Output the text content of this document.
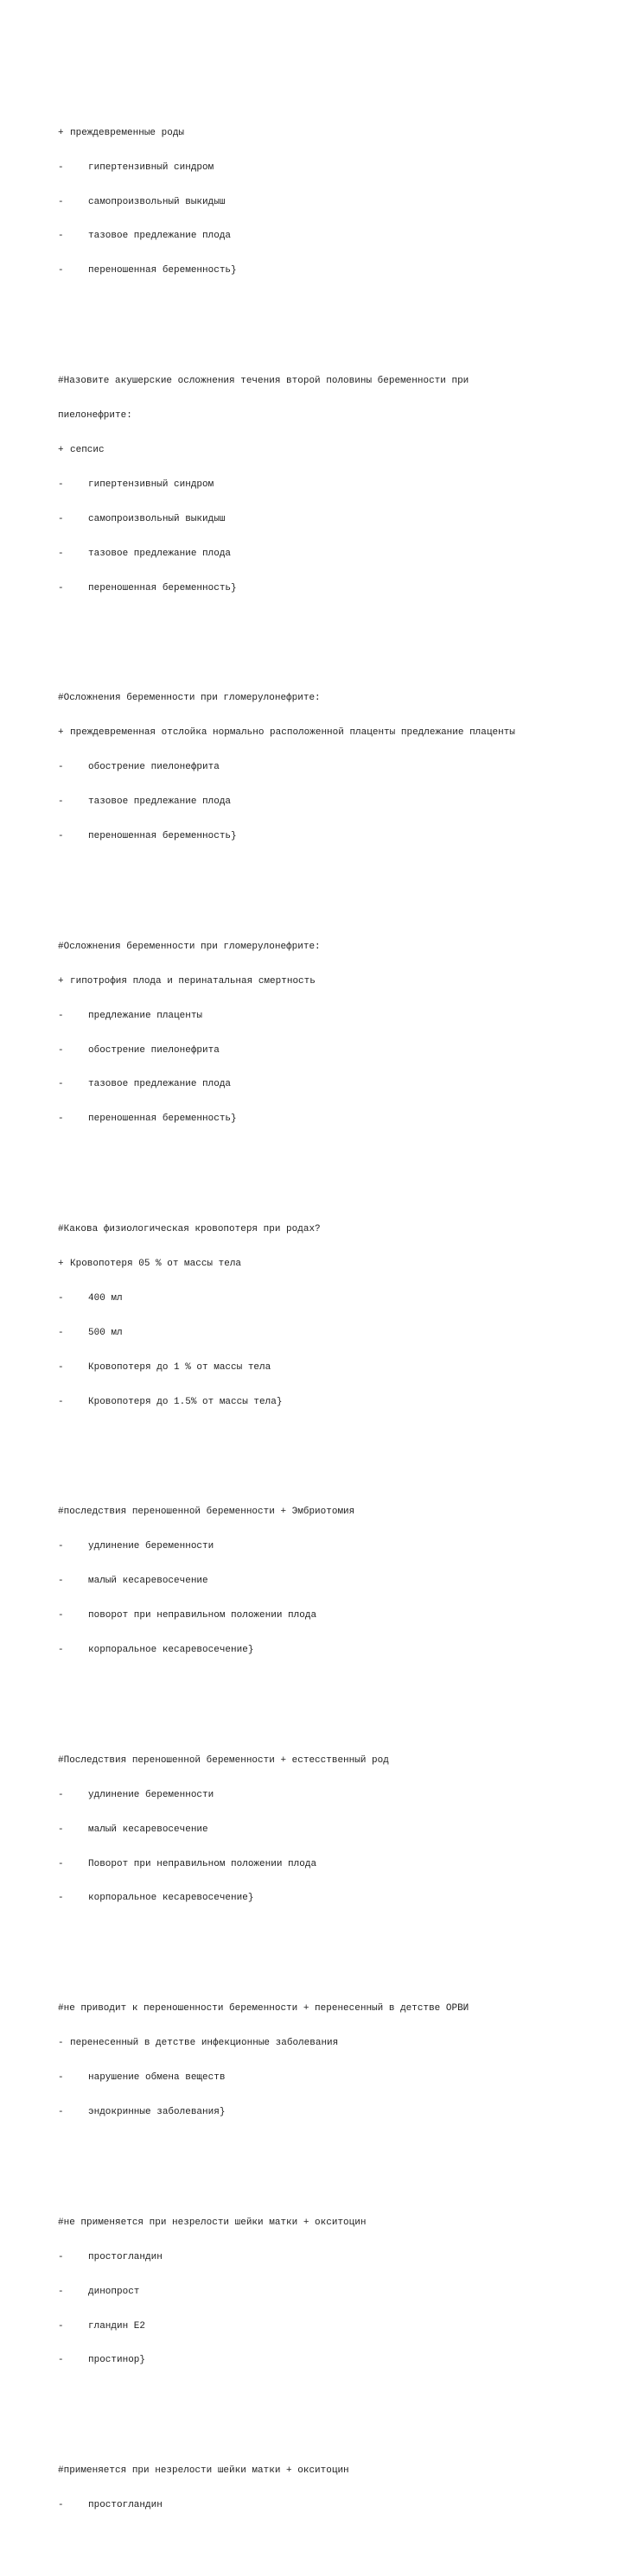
+ преждевременные роды

-	гипертензивный синдром

-	самопроизвольный выкидыш

-	тазовое предлежание плода

-	переношенная беременность}

#Назовите акушерские осложнения течения второй половины беременности при

пиелонефрите:

+ сепсис

-	гипертензивный синдром

-	самопроизвольный выкидыш

-	тазовое предлежание плода

-	переношенная беременность}

#Осложнения беременности при гломерулонефрите:

+ преждевременная отслойка нормально расположенной плаценты предлежание плаценты

-	обострение пиелонефрита

-	тазовое предлежание плода

-	переношенная беременность}

#Осложнения беременности при гломерулонефрите:

+ гипотрофия плода и перинатальная смертность

-	предлежание плаценты

-	обострение пиелонефрита

-	тазовое предлежание плода

-	переношенная беременность}

#Какова физиологическая кровопотеря при родах?

+ Кровопотеря 05 % от массы тела

-	400 мл

-	500 мл

-	Кровопотеря до 1 % от массы тела

-	Кровопотеря до 1.5% от массы тела}

#последствия переношенной беременности + Эмбриотомия

-	удлинение беременности

-	малый кесаревосечение

-	поворот при неправильном положении плода

-	корпоральное кесаревосечение}

#Последствия переношенной беременности + естесственный род

-	удлинение беременности

-	малый кесаревосечение

-	Поворот при неправильном положении плода

-	корпоральное кесаревосечение}

#не приводит к переношенности беременности + перенесенный в детстве ОРВИ

- перенесенный в детстве инфекционные заболевания

-	нарушение обмена веществ

-	эндокринные заболевания}

#не применяется при незрелости шейки матки + окситоцин

-	простогландин

-	динопрост

-	гландин Е2

-	простинор}

#применяется при незрелости шейки матки + окситоцин

-	простогландин
